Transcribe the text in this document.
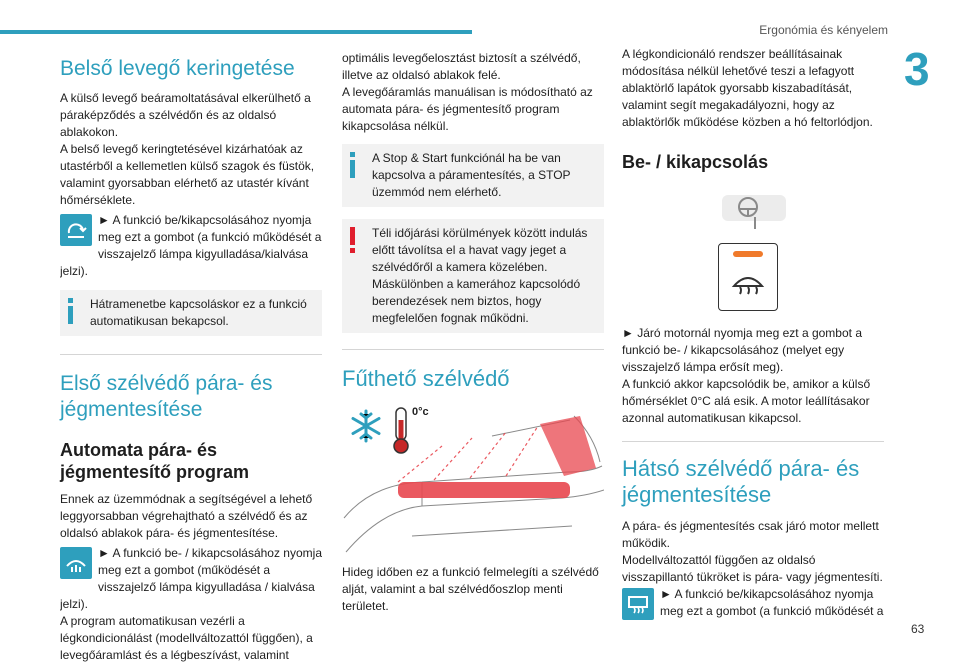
Ergonómia és kényelem
3
63
Belső levegő keringetése

A külső levegő beáramoltatásával elkerülhető a páraképződés a szélvédőn és az oldalsó ablakokon.
A belső levegő keringtetésével kizárhatóak az utastérből a kellemetlen külső szagok és füstök, valamint gyorsabban elérhető az utastér kívánt hőmérséklete.

► A funkció be/kikapcsolásához nyomja meg ezt a gombot (a funkció működését a visszajelző lámpa kigyulladása/kialvása jelzi).

Hátramenetbe kapcsoláskor ez a funkció automatikusan bekapcsol.

Első szélvédő pára- és jégmentesítése
Automata pára- és jégmentesítő program

Ennek az üzemmódnak a segítségével a lehető leggyorsabban végrehajtható a szélvédő és az oldalsó ablakok pára- és jégmentesítése.

► A funkció be- / kikapcsolásához nyomja meg ezt a gombot (működését a visszajelző lámpa kigyulladása / kialvása jelzi).

A program automatikusan vezérli a légkondicionálást (modellváltozattól függően), a levegőáramlást és a légbeszívást, valamint

optimális levegőelosztást biztosít a szélvédő, illetve az oldalsó ablakok felé.
A levegőáramlás manuálisan is módosítható az automata pára- és jégmentesítő program kikapcsolása nélkül.

A Stop & Start funkciónál ha be van kapcsolva a páramentesítés, a STOP üzemmód nem elérhető.

Téli időjárási körülmények között indulás előtt távolítsa el a havat vagy jeget a szélvédőről a kamera közelében.
Máskülönben a kamerához kapcsolódó berendezések nem biztos, hogy megfelelően fognak működni.

Fűthető szélvédő
0°c

Hideg időben ez a funkció felmelegíti a szélvédő alját, valamint a bal szélvédőoszlop menti területet.

A légkondicionáló rendszer beállításainak módosítása nélkül lehetővé teszi a lefagyott ablaktörlő lapátok gyorsabb kiszabadítását, valamint segít megakadályozni, hogy az ablaktörlők működése közben a hó feltorlódjon.

Be- / kikapcsolás

► Járó motornál nyomja meg ezt a gombot a funkció be- / kikapcsolásához (melyet egy visszajelző lámpa erősít meg).
A funkció akkor kapcsolódik be, amikor a külső hőmérséklet 0°C alá esik. A motor leállításakor azonnal automatikusan kikapcsol.

Hátsó szélvédő pára- és jégmentesítése

A pára- és jégmentesítés csak járó motor mellett működik.
Modellváltozattól függően az oldalsó visszapillantó tükröket is pára- vagy jégmentesíti.

► A funkció be/kikapcsolásához nyomja meg ezt a gombot (a funkció működését a
